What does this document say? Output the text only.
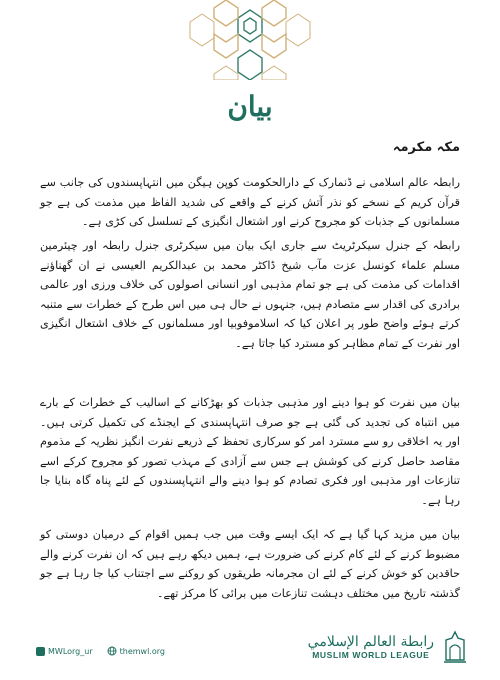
بیان
مکہ مکرمہ

رابطہ عالم اسلامی نے ڈنمارک کے دارالحکومت کوپن ہیگن میں انتہاپسندوں کی جانب سے قرآن کریم کے نسخے کو نذر آتش کرنے کے واقعے کی شدید الفاظ میں مذمت کی ہے جو مسلمانوں کے جذبات کو مجروح کرنے اور اشتعال انگیزی کے تسلسل کی کڑی ہے۔

رابطہ کے جنرل سیکرٹریٹ سے جاری ایک بیان میں سیکرٹری جنرل رابطہ اور چیئرمین مسلم علماء کونسل عزت مآب شیخ ڈاکٹر محمد بن عبدالکریم العیسی نے ان گھناؤنے اقدامات کی مذمت کی ہے جو تمام مذہبی اور انسانی اصولوں کی خلاف ورزی اور عالمی برادری کی اقدار سے متصادم ہیں، جنہوں نے حال ہی میں اس طرح کے خطرات سے متنبہ کرتے ہوئے واضح طور پر اعلان کیا کہ اسلاموفوبیا اور مسلمانوں کے خلاف اشتعال انگیزی اور نفرت کے تمام مظاہر کو مسترد کیا جاتا ہے۔

بیان میں نفرت کو ہوا دینے اور مذہبی جذبات کو بھڑکانے کے اسالیب کے خطرات کے بارے میں انتباہ کی تجدید کی گئی ہے جو صرف انتہاپسندی کے ایجنڈے کی تکمیل کرتی ہیں۔ اور یہ اخلاقی رو سے مسترد امر کو سرکاری تحفظ کے ذریعے نفرت انگیز نظریہ کے مذموم مقاصد حاصل کرنے کی کوشش ہے جس سے آزادی کے مہذب تصور کو مجروح کرکے اسے تنازعات اور مذہبی اور فکری تصادم کو ہوا دینے والے انتہاپسندوں کے لئے پناہ گاہ بنایا جا رہا ہے۔

بیان میں مزید کہا گیا ہے کہ ایک ایسے وقت میں جب ہمیں اقوام کے درمیان دوستی کو مضبوط کرنے کے لئے کام کرنے کی ضرورت ہے، ہمیں دیکھ رہے ہیں کہ ان نفرت کرنے والے حاقدین کو خوش کرنے کے لئے ان مجرمانہ طریقوں کو روکنے سے اجتناب کیا جا رہا ہے جو گذشتہ تاریخ میں مختلف دہشت تنازعات میں برائی کا مرکز تھے۔

MWLorg_ur	themwl.org
رابطة العالم الإسلامي
MUSLIM WORLD LEAGUE
